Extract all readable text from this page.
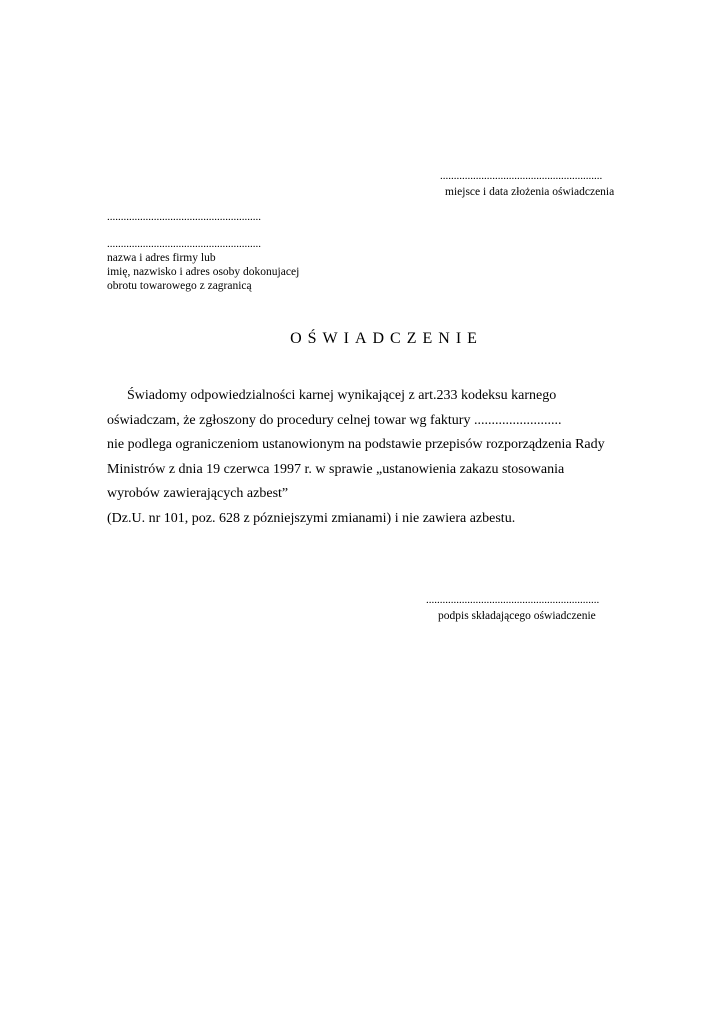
...........................................................
miejsce i data złożenia oświadczenia
........................................................
........................................................
nazwa i adres firmy lub
imię, nazwisko i adres osoby dokonujacej
obrotu towarowego z zagranicą
OŚWIADCZENIE

Świadomy odpowiedzialności karnej wynikającej z art.233 kodeksu karnego

oświadczam, że zgłoszony do procedury celnej towar wg faktury .........................

nie podlega ograniczeniom ustanowionym na podstawie przepisów rozporządzenia Rady

Ministrów z dnia 19 czerwca 1997 r. w sprawie „ustanowienia zakazu stosowania

wyrobów zawierających azbest”

(Dz.U. nr 101, poz. 628 z pózniejszymi zmianami) i nie zawiera azbestu.

...............................................................
podpis składającego oświadczenie
